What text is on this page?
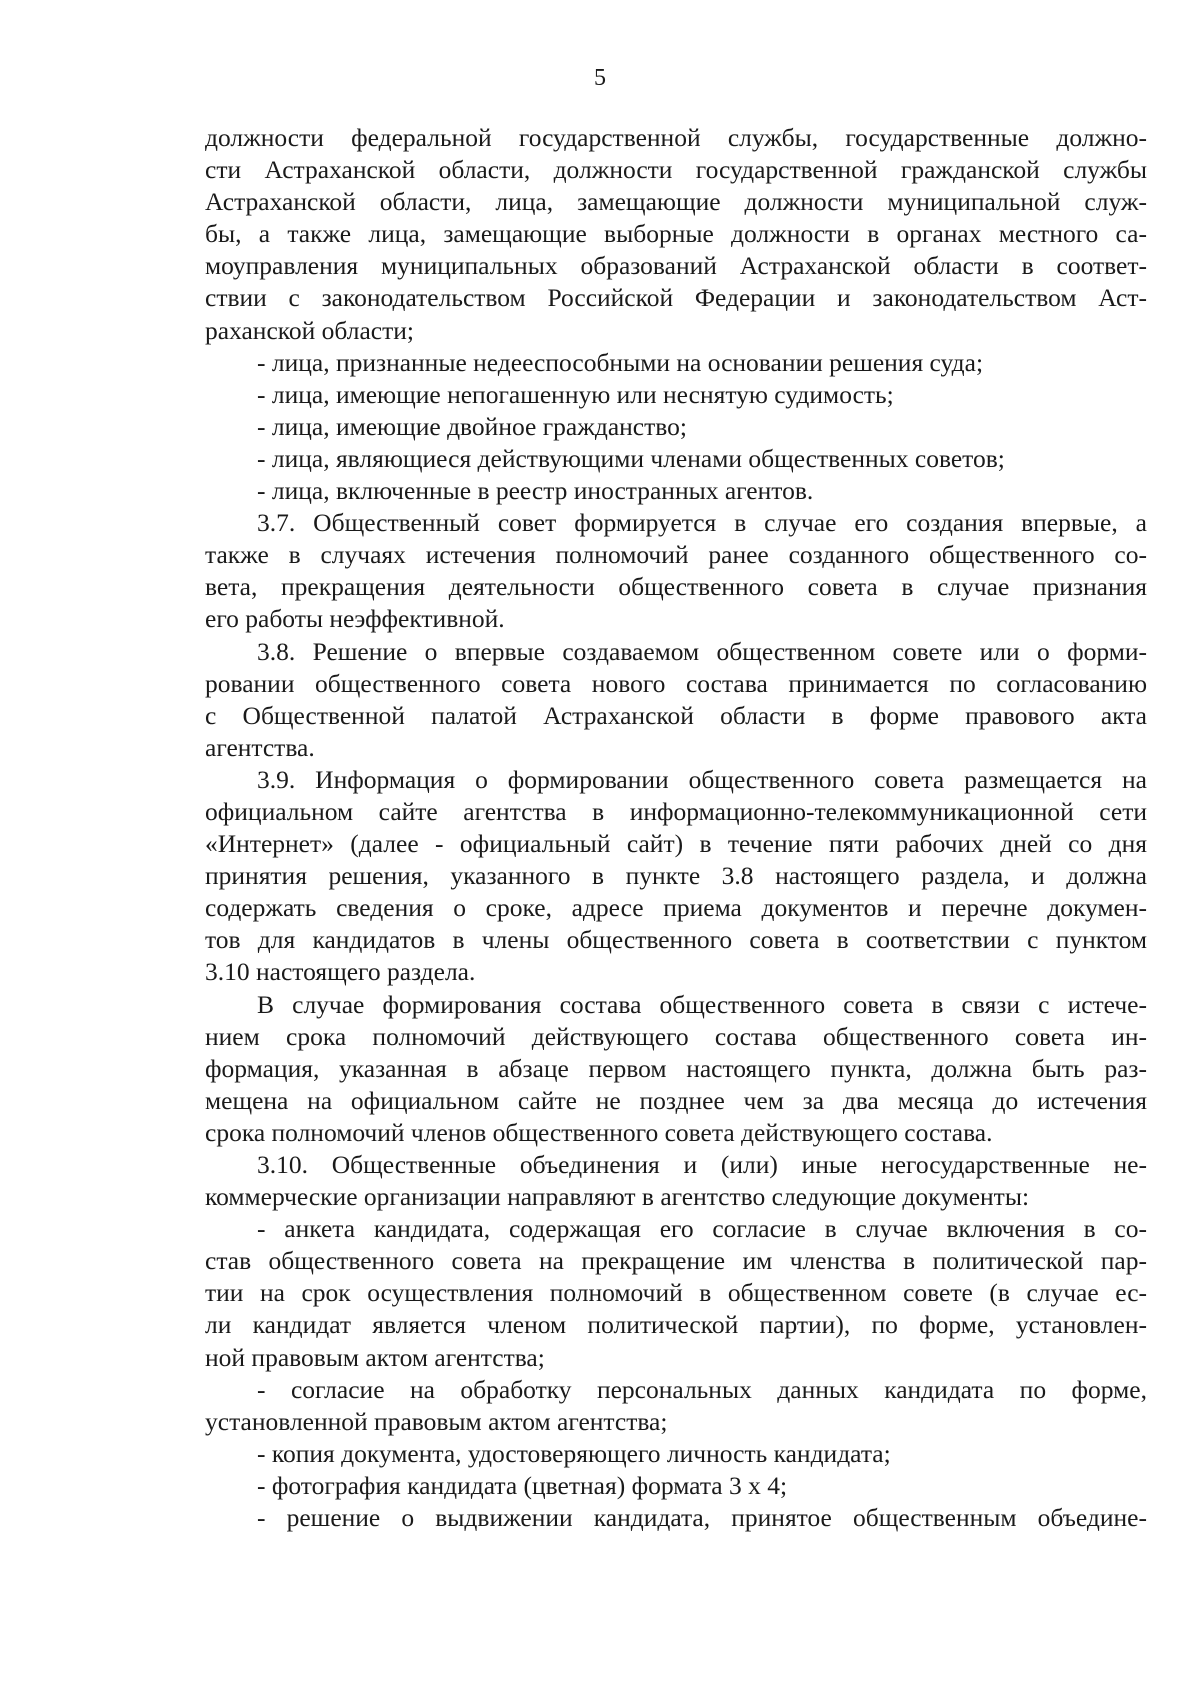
5
должности федеральной государственной службы, государственные должно-
сти Астраханской области, должности государственной гражданской службы
Астраханской области, лица, замещающие должности муниципальной служ-
бы, а также лица, замещающие выборные должности в органах местного са-
моуправления муниципальных образований Астраханской области в соответ-
ствии с законодательством Российской Федерации и законодательством Аст-
раханской области;
- лица, признанные недееспособными на основании решения суда;
- лица, имеющие непогашенную или неснятую судимость;
- лица, имеющие двойное гражданство;
- лица, являющиеся действующими членами общественных советов;
- лица, включенные в реестр иностранных агентов.
3.7. Общественный совет формируется в случае его создания впервые, а
также в случаях истечения полномочий ранее созданного общественного со-
вета, прекращения деятельности общественного совета в случае признания
его работы неэффективной.
3.8. Решение о впервые создаваемом общественном совете или о форми-
ровании общественного совета нового состава принимается по согласованию
с Общественной палатой Астраханской области в форме правового акта
агентства.
3.9. Информация о формировании общественного совета размещается на
официальном сайте агентства в информационно-телекоммуникационной сети
«Интернет» (далее - официальный сайт) в течение пяти рабочих дней со дня
принятия решения, указанного в пункте 3.8 настоящего раздела, и должна
содержать сведения о сроке, адресе приема документов и перечне докумен-
тов для кандидатов в члены общественного совета в соответствии с пунктом
3.10 настоящего раздела.
В случае формирования состава общественного совета в связи с истече-
нием срока полномочий действующего состава общественного совета ин-
формация, указанная в абзаце первом настоящего пункта, должна быть раз-
мещена на официальном сайте не позднее чем за два месяца до истечения
срока полномочий членов общественного совета действующего состава.
3.10. Общественные объединения и (или) иные негосударственные не-
коммерческие организации направляют в агентство следующие документы:
- анкета кандидата, содержащая его согласие в случае включения в со-
став общественного совета на прекращение им членства в политической пар-
тии на срок осуществления полномочий в общественном совете (в случае ес-
ли кандидат является членом политической партии), по форме, установлен-
ной правовым актом агентства;
- согласие на обработку персональных данных кандидата по форме,
установленной правовым актом агентства;
- копия документа, удостоверяющего личность кандидата;
- фотография кандидата (цветная) формата 3 х 4;
- решение о выдвижении кандидата, принятое общественным объедине-
